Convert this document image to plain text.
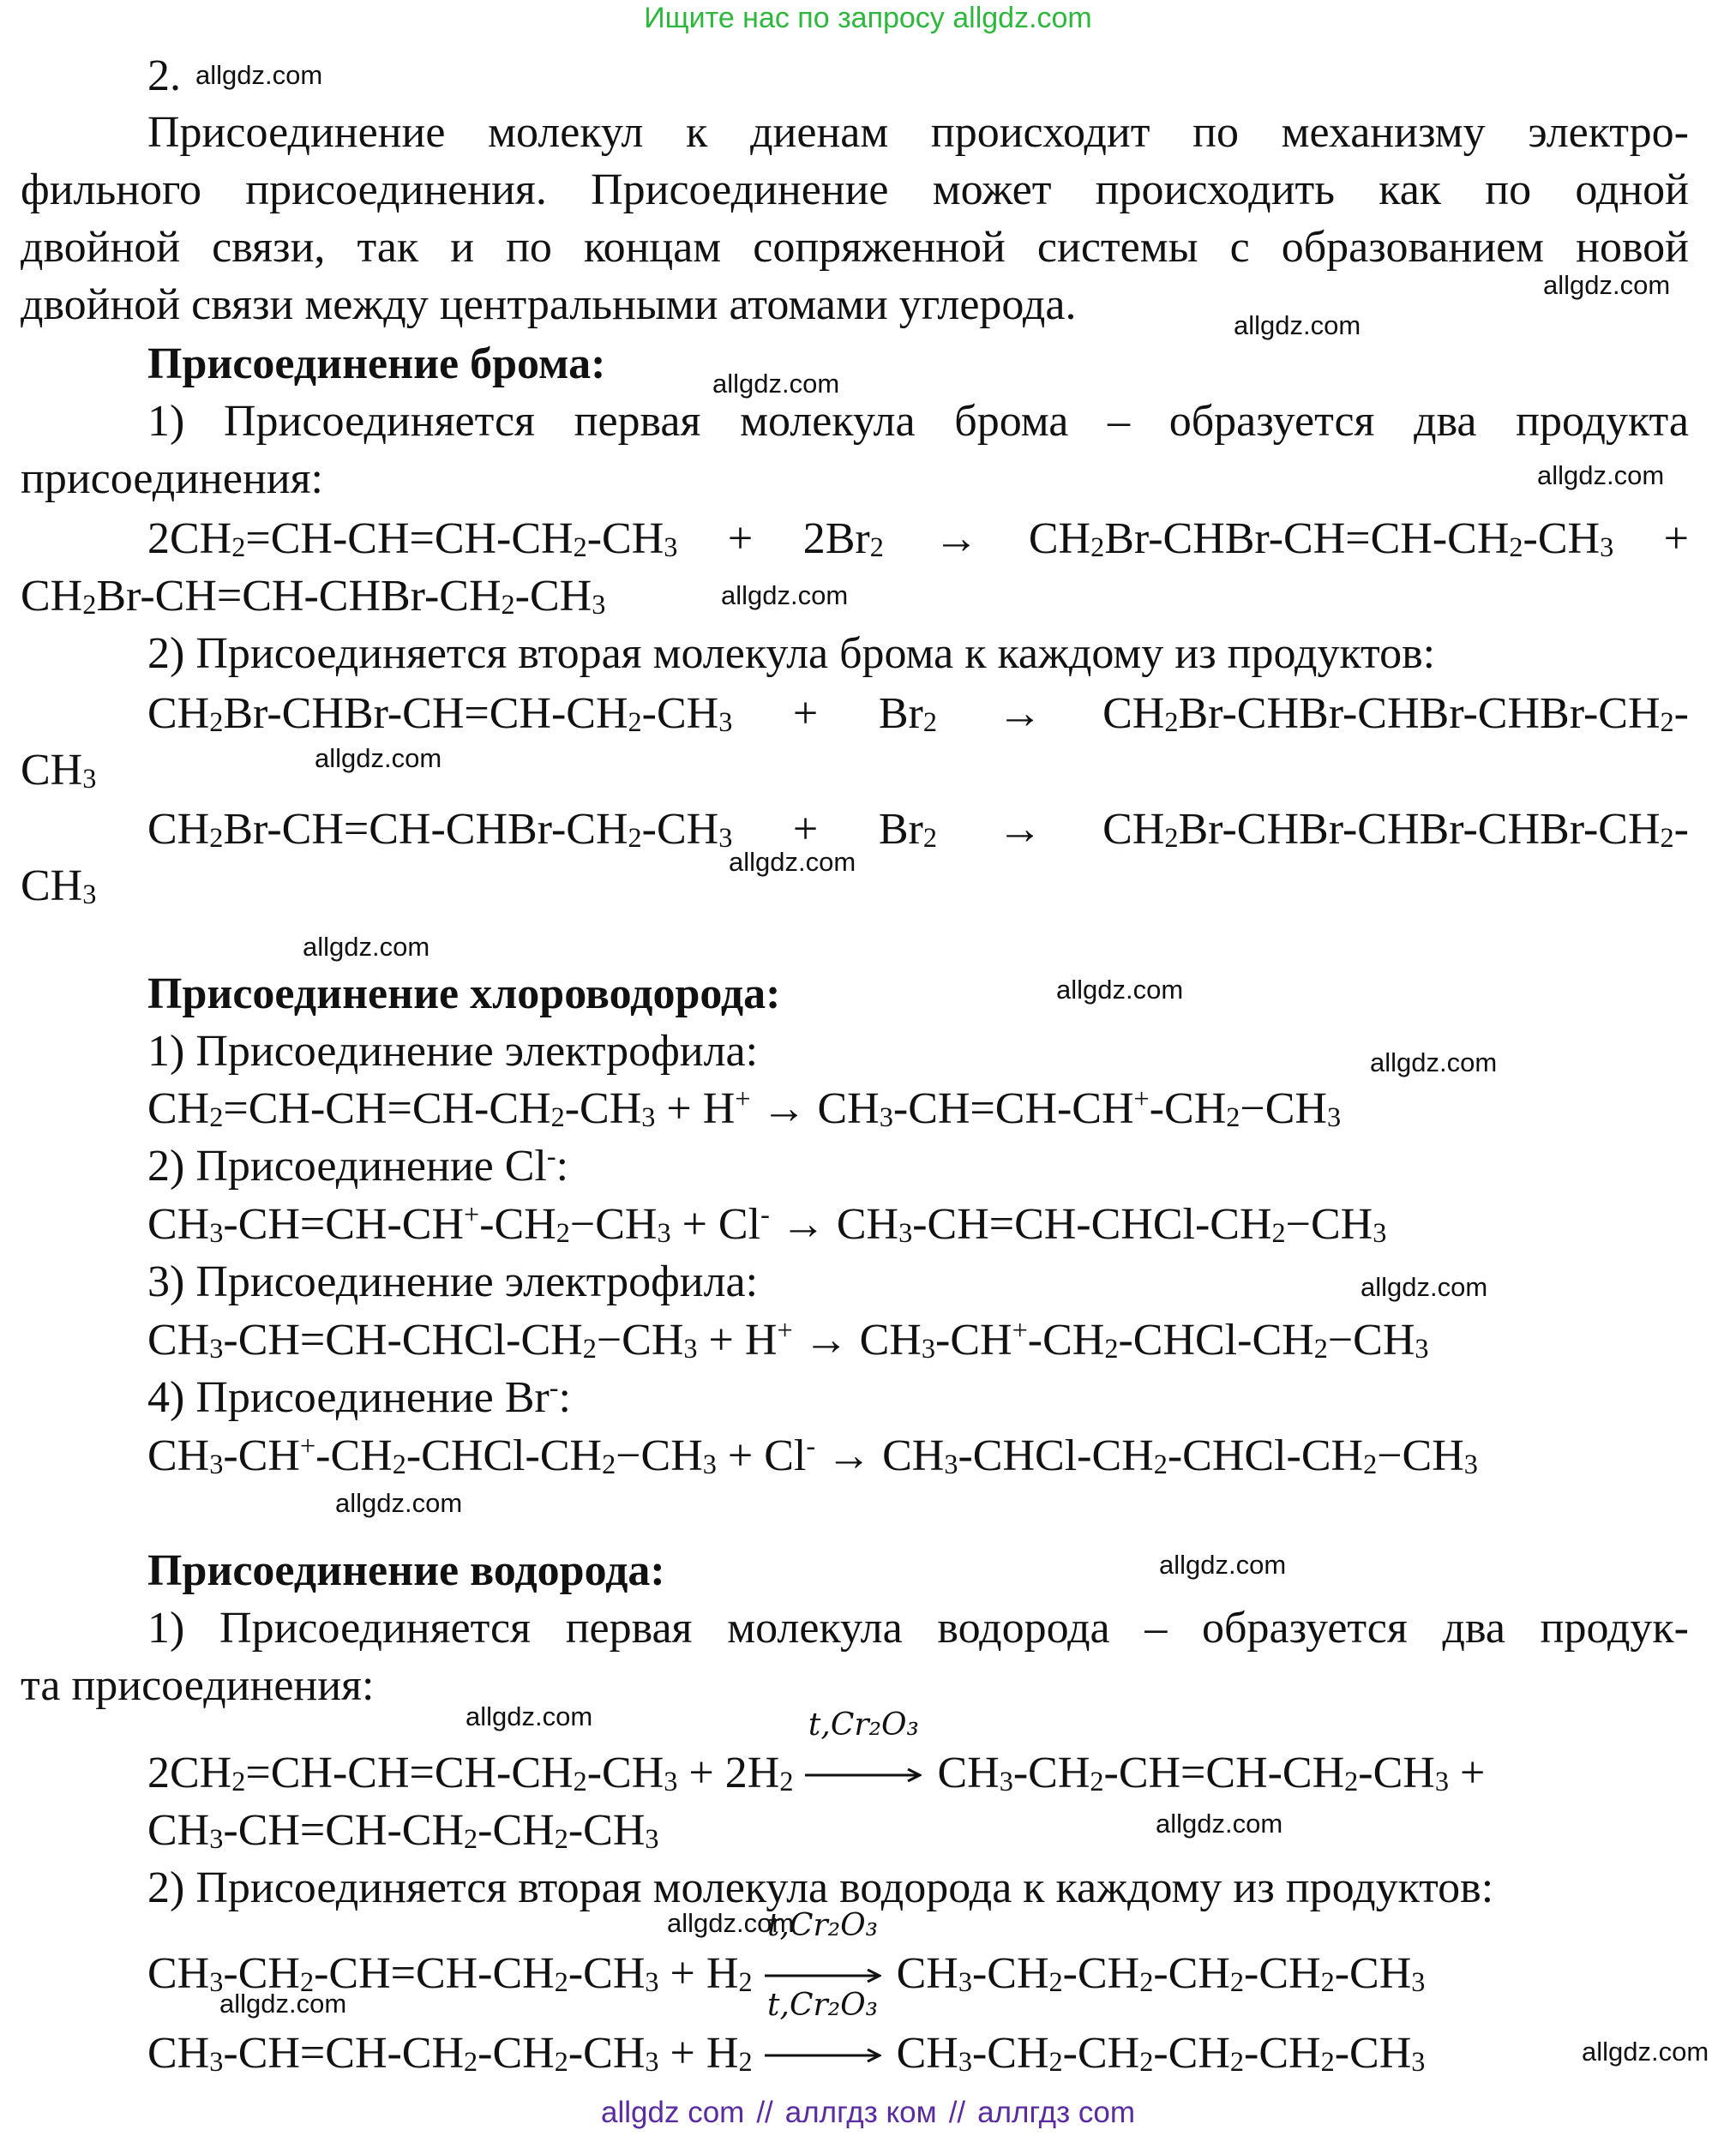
Ищите нас по запросу allgdz.com
allgdz.com
allgdz.com
allgdz.com
allgdz.com
allgdz.com
allgdz.com
allgdz.com
allgdz.com
allgdz.com
allgdz.com
allgdz.com
allgdz.com
allgdz.com
allgdz.com
allgdz.com
allgdz.com
allgdz.com
allgdz.com
allgdz.com
2.
Присоединение молекул к диенам происходит по механизму электро-
фильного присоединения. Присоединение может происходить как по одной
двойной связи, так и по концам сопряженной системы с образованием новой
двойной связи между центральными атомами углерода.
Присоединение брома:
1) Присоединяется первая молекула брома – образуется два продукта
присоединения:
$2CH_2=CH-CH=CH-CH_2-CH_3 + 2Br_2$ → $CH_2Br-CHBr-CH=CH-CH_2-CH_3$ +
$CH_2Br-CH=CH-CHBr-CH_2-CH_3$
2) Присоединяется вторая молекула брома к каждому из продуктов:
$CH_2Br-CHBr-CH=CH-CH_2-CH_3 + Br_2$ → $CH_2Br-CHBr-CHBr-CHBr-CH_2-$
$CH_3$
$CH_2Br-CH=CH-CHBr-CH_2-CH_3 + Br_2$ → $CH_2Br-CHBr-CHBr-CHBr-CH_2-$
$CH_3$
Присоединение хлороводорода:
1) Присоединение электрофила:
$CH_2=CH-CH=CH-CH_2-CH_3 + H^+ \to CH_3-CH=CH-CH^+-CH_2-CH_3$
2) Присоединение Cl-:
$CH_3-CH=CH-CH^+-CH_2-CH_3 + Cl^-$ → $CH_3-CH=CH-CHCl-CH_2-CH_3$
3) Присоединение электрофила:
$CH_3-CH=CH-CHCl-CH_2-CH_3 + H^+$ → $CH_3-CH^+-CH_2-CHCl-CH_2-CH_3$
4) Присоединение Br-:
$CH_3-CH^+-CH_2-CHCl-CH_2-CH_3 + Cl^-$ → $CH_3-CHCl-CH_2-CHCl-CH_2-CH_3$
Присоединение водорода:
1) Присоединяется первая молекула водорода – образуется два продук-
та присоединения:
$2CH_2=CH-CH=CH-CH_2-CH_3 + 2H_2$
t,Cr₂O₃
$CH_3-CH_2-CH=CH-CH_2-CH_3$ +
$CH_3-CH=CH-CH_2-CH_2-CH_3$
2) Присоединяется вторая молекула водорода к каждому из продуктов:
$CH_3-CH_2-CH=CH-CH_2-CH_3 + H_2$
t,Cr₂O₃
$CH_3-CH_2-CH_2-CH_2-CH_2-CH_3$
$CH_3-CH=CH-CH_2-CH_2-CH_3 + H_2$
t,Cr₂O₃
$CH_3-CH_2-CH_2-CH_2-CH_2-CH_3$
allgdz com // аллгдз ком // аллгдз com
